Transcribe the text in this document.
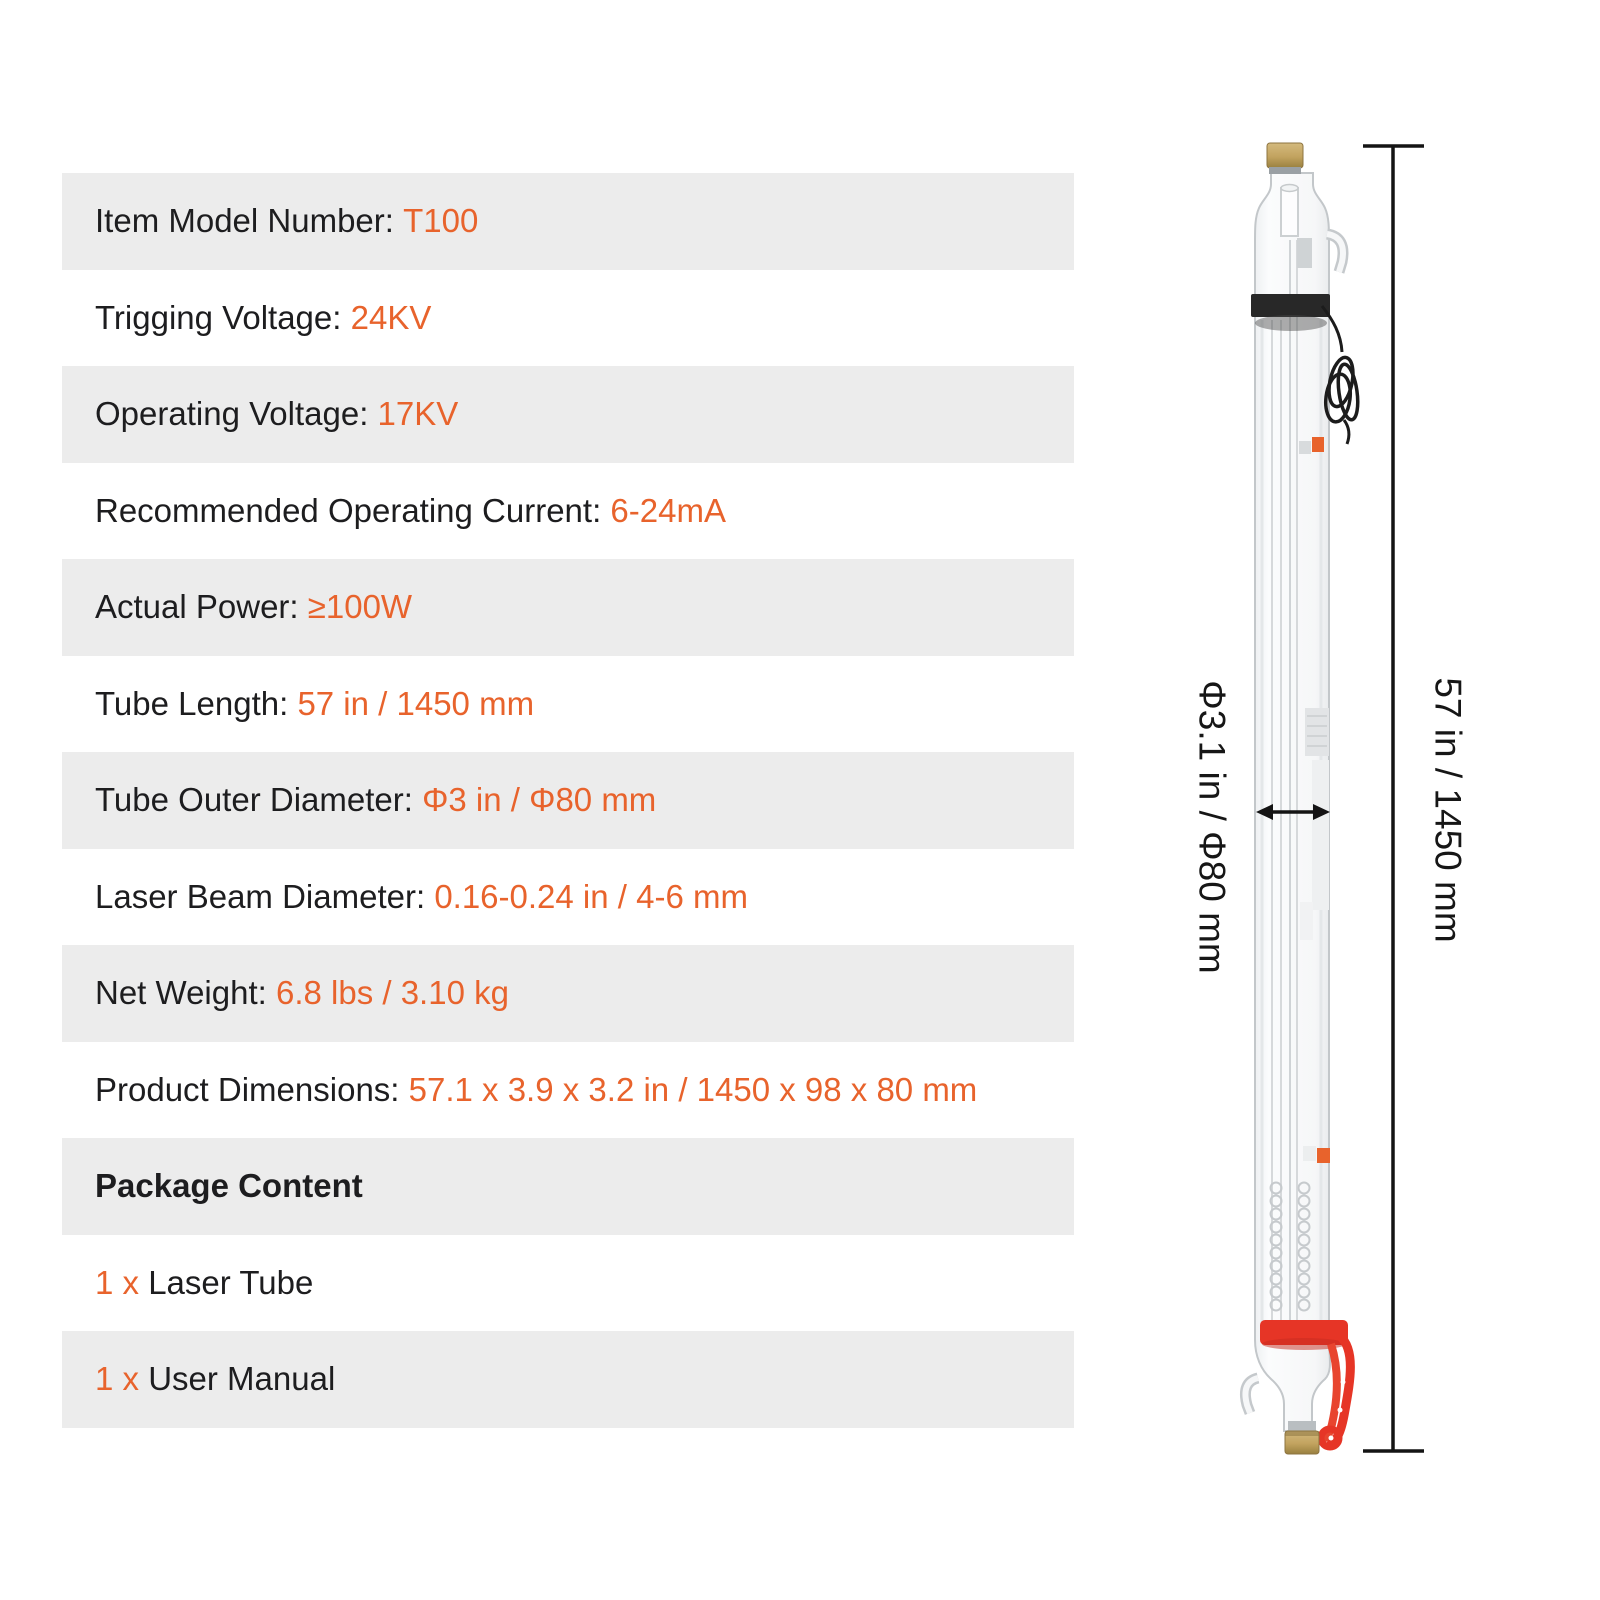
Item Model Number: T100
Trigging Voltage: 24KV
Operating Voltage: 17KV
Recommended Operating Current: 6-24mA
Actual Power: ≥100W
Tube Length: 57 in / 1450 mm
Tube Outer Diameter: Φ3 in / Φ80 mm
Laser Beam Diameter: 0.16-0.24 in / 4-6 mm
Net Weight: 6.8 lbs / 3.10 kg
Product Dimensions: 57.1 x 3.9 x 3.2 in / 1450 x 98 x 80 mm
Package Content
1 x Laser Tube
1 x User Manual
Φ3.1 in / Φ80 mm	57 in / 1450 mm
